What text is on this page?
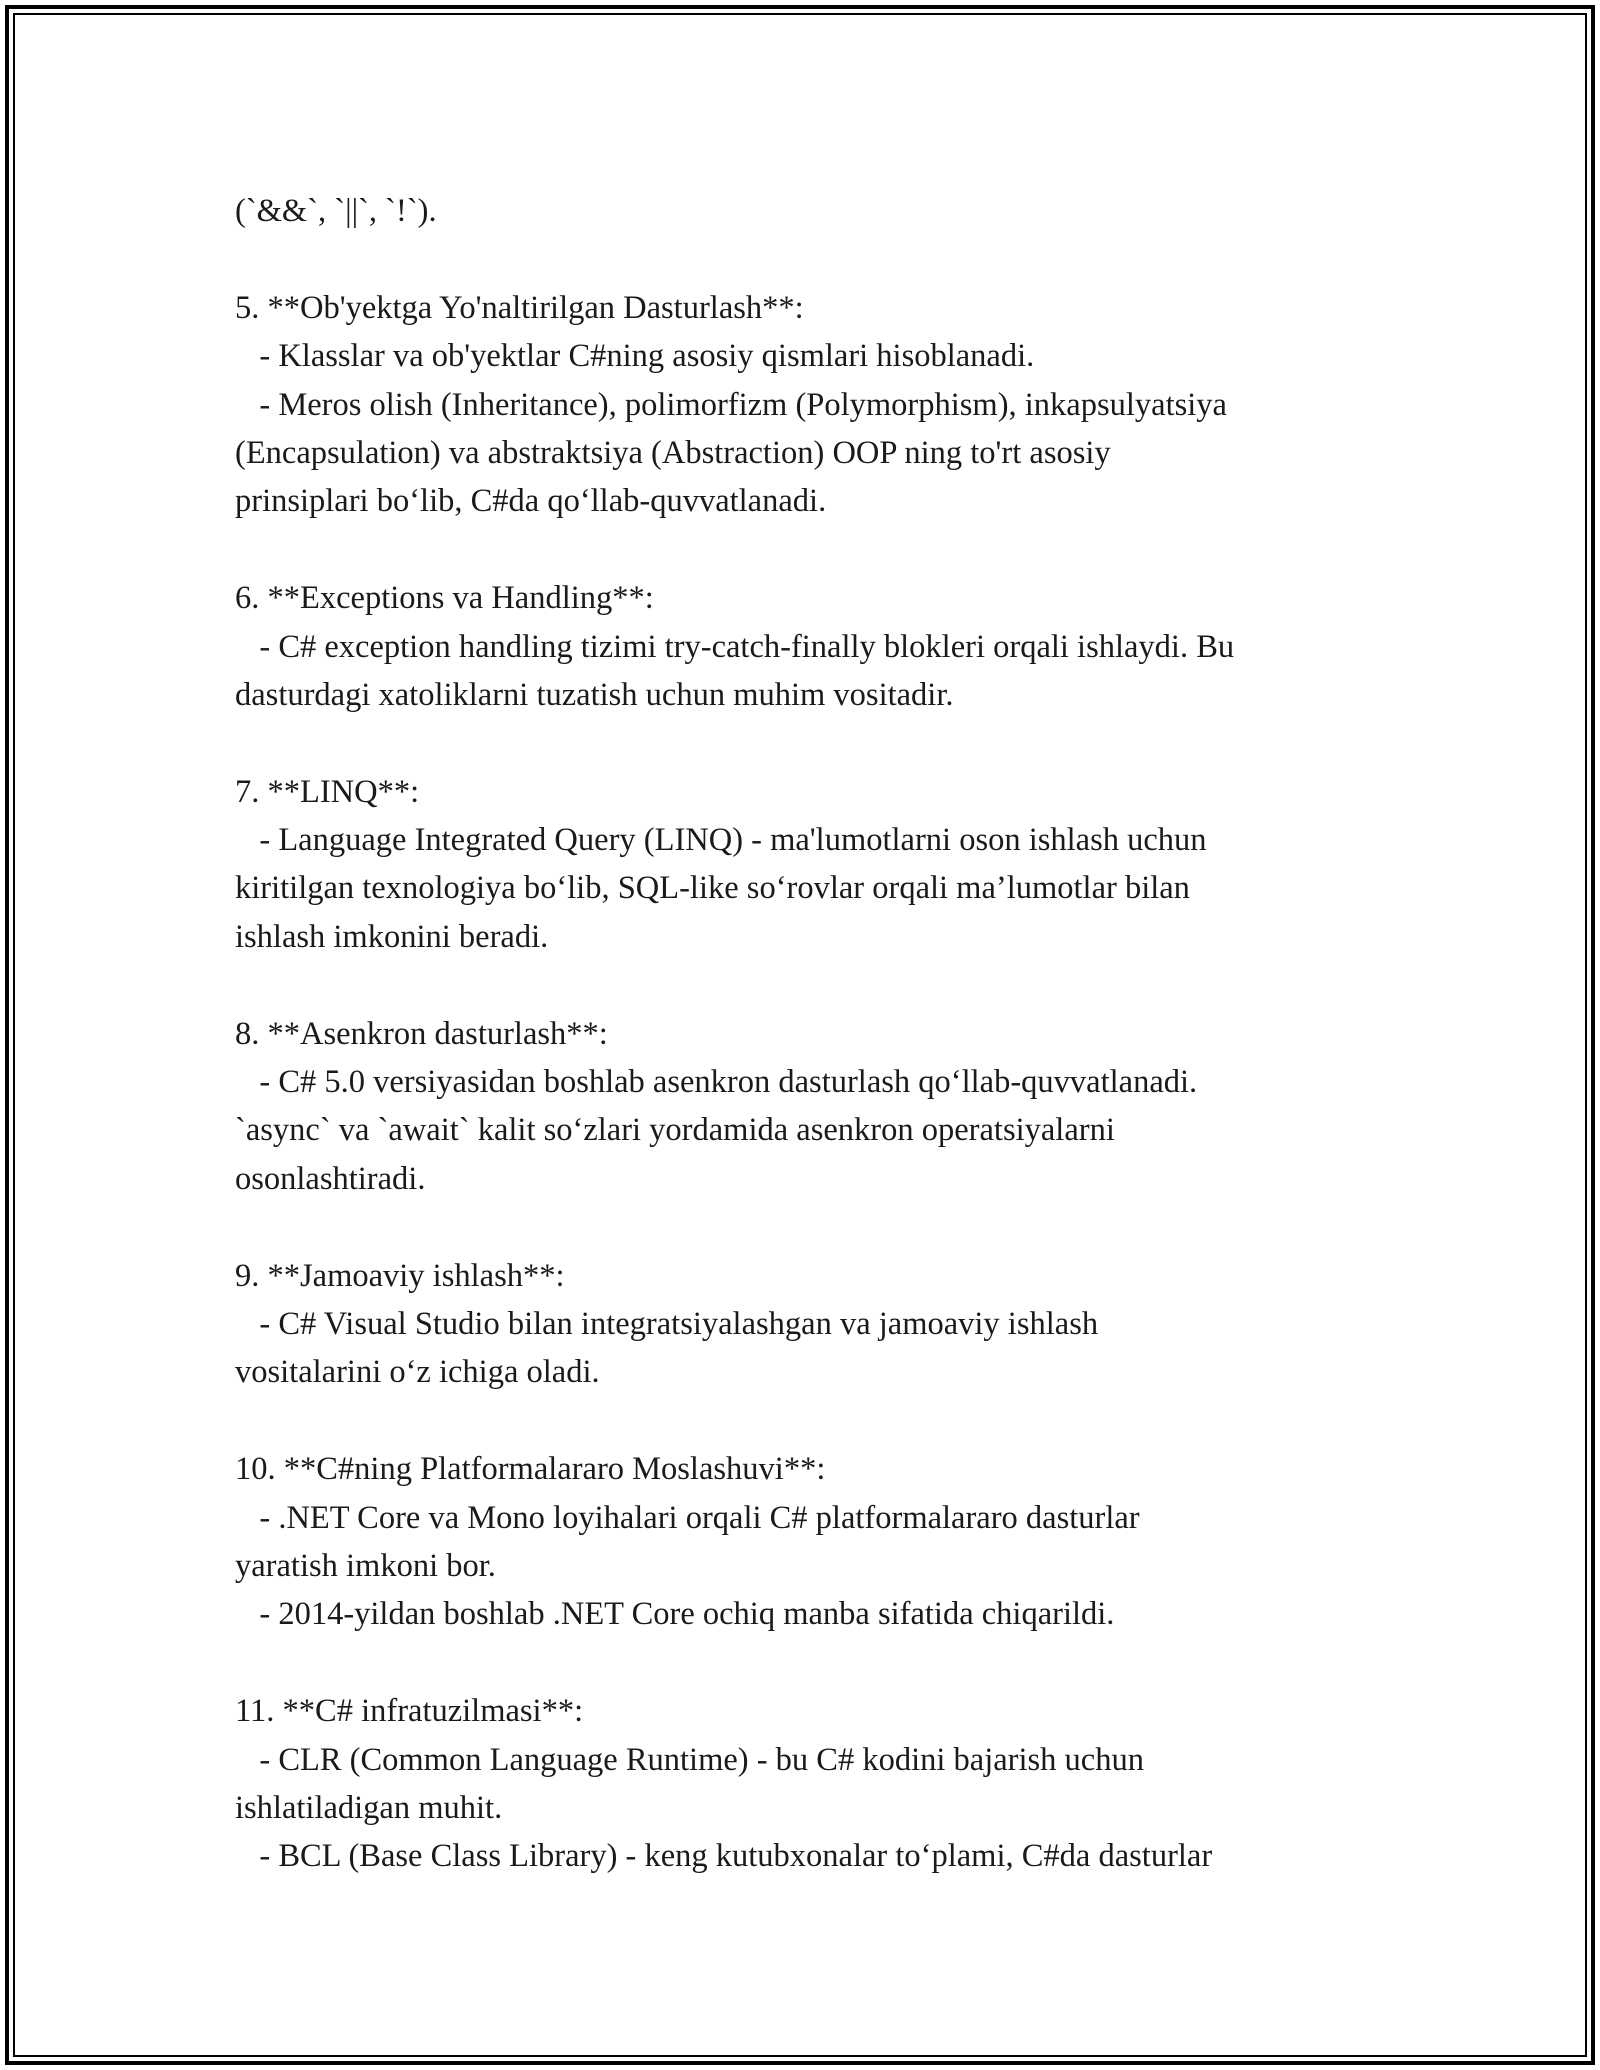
(`&&`, `||`, `!`).
5. **Ob'yektga Yo'naltirilgan Dasturlash**:
- Klasslar va ob'yektlar C#ning asosiy qismlari hisoblanadi.
- Meros olish (Inheritance), polimorfizm (Polymorphism), inkapsulyatsiya
(Encapsulation) va abstraktsiya (Abstraction) OOP ning to'rt asosiy
prinsiplari bo‘lib, C#da qo‘llab-quvvatlanadi.
6. **Exceptions va Handling**:
- C# exception handling tizimi try-catch-finally blokleri orqali ishlaydi. Bu
dasturdagi xatoliklarni tuzatish uchun muhim vositadir.
7. **LINQ**:
- Language Integrated Query (LINQ) - ma'lumotlarni oson ishlash uchun
kiritilgan texnologiya bo‘lib, SQL-like so‘rovlar orqali ma’lumotlar bilan
ishlash imkonini beradi.
8. **Asenkron dasturlash**:
- C# 5.0 versiyasidan boshlab asenkron dasturlash qo‘llab-quvvatlanadi.
`async` va `await` kalit so‘zlari yordamida asenkron operatsiyalarni
osonlashtiradi.
9. **Jamoaviy ishlash**:
- C# Visual Studio bilan integratsiyalashgan va jamoaviy ishlash
vositalarini o‘z ichiga oladi.
10. **C#ning Platformalararo Moslashuvi**:
- .NET Core va Mono loyihalari orqali C# platformalararo dasturlar
yaratish imkoni bor.
- 2014-yildan boshlab .NET Core ochiq manba sifatida chiqarildi.
11. **C# infratuzilmasi**:
- CLR (Common Language Runtime) - bu C# kodini bajarish uchun
ishlatiladigan muhit.
- BCL (Base Class Library) - keng kutubxonalar to‘plami, C#da dasturlar
